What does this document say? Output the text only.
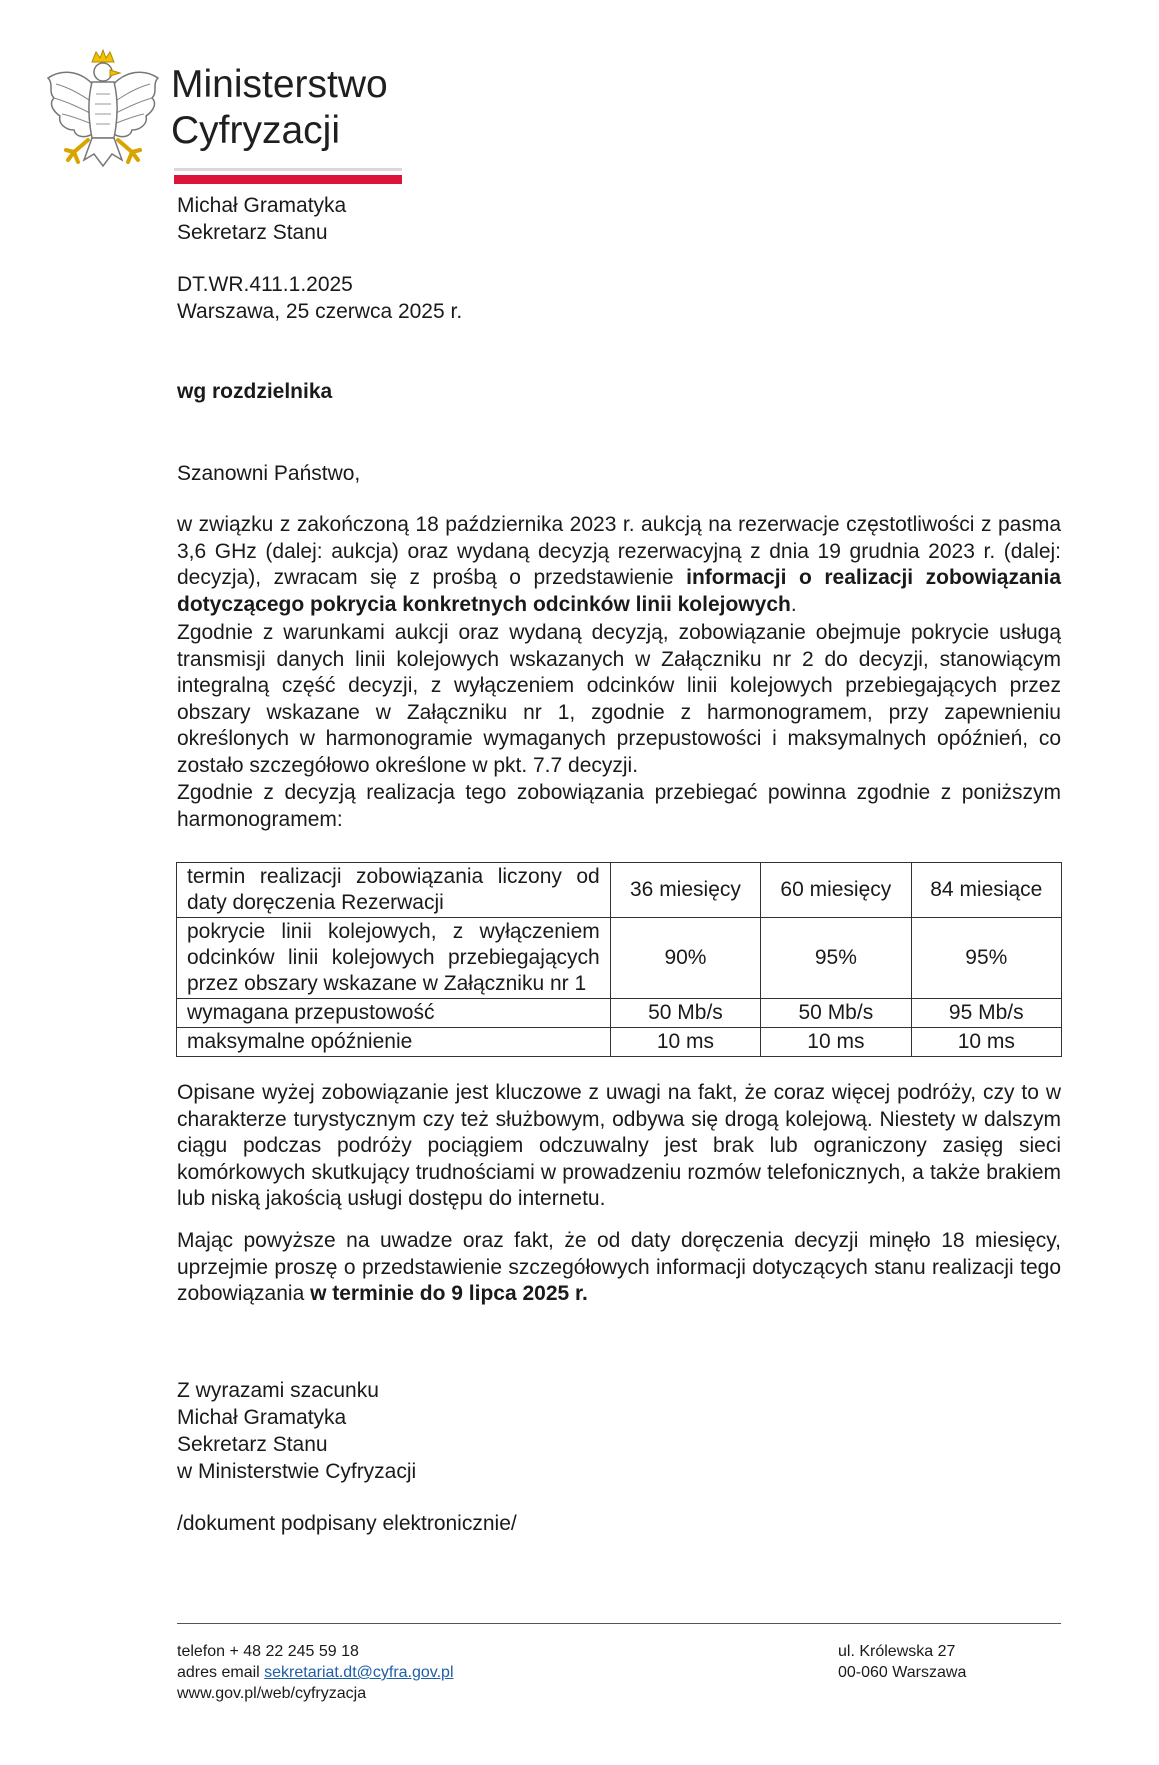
Ministerstwo
Cyfryzacji
Michał Gramatyka
Sekretarz Stanu
DT.WR.411.1.2025
Warszawa, 25 czerwca 2025 r.
wg rozdzielnika
Szanowni Państwo,

w związku z zakończoną 18 października 2023 r. aukcją na rezerwacje częstotliwości z pasma 3,6 GHz (dalej: aukcja) oraz wydaną decyzją rezerwacyjną z dnia 19 grudnia 2023 r. (dalej: decyzja), zwracam się z prośbą o przedstawienie informacji o realizacji zobowiązania dotyczącego pokrycia konkretnych odcinków linii kolejowych.

Zgodnie z warunkami aukcji oraz wydaną decyzją, zobowiązanie obejmuje pokrycie usługą transmisji danych linii kolejowych wskazanych w Załączniku nr 2 do decyzji, stanowiącym integralną część decyzji, z wyłączeniem odcinków linii kolejowych przebiegających przez obszary wskazane w Załączniku nr 1, zgodnie z harmonogramem, przy zapewnieniu określonych w harmonogramie wymaganych przepustowości i maksymalnych opóźnień, co zostało szczegółowo określone w pkt. 7.7 decyzji.

Zgodnie z decyzją realizacja tego zobowiązania przebiegać powinna zgodnie z poniższym harmonogramem:

termin realizacji zobowiązania liczony od daty doręczenia Rezerwacji	36 miesięcy	60 miesięcy	84 miesiące
pokrycie linii kolejowych, z wyłączeniem odcinków linii kolejowych przebiegających przez obszary wskazane w Załączniku nr 1	90%	95%	95%
wymagana przepustowość	50 Mb/s	50 Mb/s	95 Mb/s
maksymalne opóźnienie	10 ms	10 ms	10 ms

Opisane wyżej zobowiązanie jest kluczowe z uwagi na fakt, że coraz więcej podróży, czy to w charakterze turystycznym czy też służbowym, odbywa się drogą kolejową. Niestety w dalszym ciągu podczas podróży pociągiem odczuwalny jest brak lub ograniczony zasięg sieci komórkowych skutkujący trudnościami w prowadzeniu rozmów telefonicznych, a także brakiem lub niską jakością usługi dostępu do internetu.

Mając powyższe na uwadze oraz fakt, że od daty doręczenia decyzji minęło 18 miesięcy, uprzejmie proszę o przedstawienie szczegółowych informacji dotyczących stanu realizacji tego zobowiązania w terminie do 9 lipca 2025 r.

Z wyrazami szacunku
Michał Gramatyka
Sekretarz Stanu
w Ministerstwie Cyfryzacji
/dokument podpisany elektronicznie/
telefon + 48 22 245 59 18
adres email sekretariat.dt@cyfra.gov.pl
www.gov.pl/web/cyfryzacja
ul. Królewska 27
00-060 Warszawa
